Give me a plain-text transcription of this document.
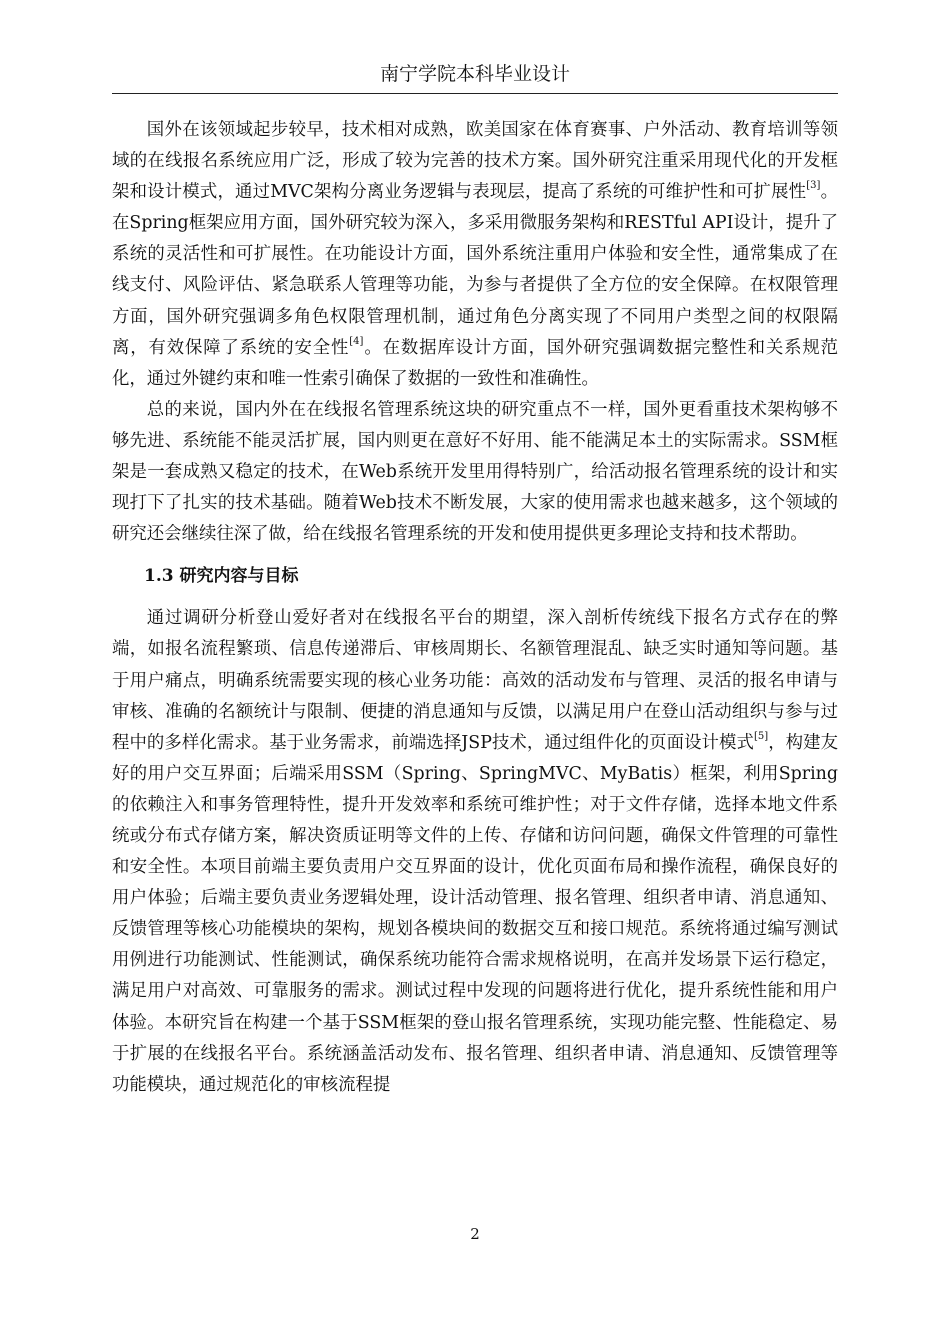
南宁学院本科毕业设计

国外在该领域起步较早，技术相对成熟，欧美国家在体育赛事、户外活动、教育培训等领域的在线报名系统应用广泛，形成了较为完善的技术方案。国外研究注重采用现代化的开发框架和设计模式，通过MVC架构分离业务逻辑与表现层，提高了系统的可维护性和可扩展性[3]。在Spring框架应用方面，国外研究较为深入，多采用微服务架构和RESTful API设计，提升了系统的灵活性和可扩展性。在功能设计方面，国外系统注重用户体验和安全性，通常集成了在线支付、风险评估、紧急联系人管理等功能，为参与者提供了全方位的安全保障。在权限管理方面，国外研究强调多角色权限管理机制，通过角色分离实现了不同用户类型之间的权限隔离，有效保障了系统的安全性[4]。在数据库设计方面，国外研究强调数据完整性和关系规范化，通过外键约束和唯一性索引确保了数据的一致性和准确性。

总的来说，国内外在在线报名管理系统这块的研究重点不一样，国外更看重技术架构够不够先进、系统能不能灵活扩展，国内则更在意好不好用、能不能满足本土的实际需求。SSM框架是一套成熟又稳定的技术，在Web系统开发里用得特别广，给活动报名管理系统的设计和实现打下了扎实的技术基础。随着Web技术不断发展，大家的使用需求也越来越多，这个领域的研究还会继续往深了做，给在线报名管理系统的开发和使用提供更多理论支持和技术帮助。

1.3 研究内容与目标

通过调研分析登山爱好者对在线报名平台的期望，深入剖析传统线下报名方式存在的弊端，如报名流程繁琐、信息传递滞后、审核周期长、名额管理混乱、缺乏实时通知等问题。基于用户痛点，明确系统需要实现的核心业务功能：高效的活动发布与管理、灵活的报名申请与审核、准确的名额统计与限制、便捷的消息通知与反馈，以满足用户在登山活动组织与参与过程中的多样化需求。基于业务需求，前端选择JSP技术，通过组件化的页面设计模式[5]，构建友好的用户交互界面；后端采用SSM（Spring、SpringMVC、MyBatis）框架，利用Spring的依赖注入和事务管理特性，提升开发效率和系统可维护性；对于文件存储，选择本地文件系统或分布式存储方案，解决资质证明等文件的上传、存储和访问问题，确保文件管理的可靠性和安全性。本项目前端主要负责用户交互界面的设计，优化页面布局和操作流程，确保良好的用户体验；后端主要负责业务逻辑处理，设计活动管理、报名管理、组织者申请、消息通知、反馈管理等核心功能模块的架构，规划各模块间的数据交互和接口规范。系统将通过编写测试用例进行功能测试、性能测试，确保系统功能符合需求规格说明，在高并发场景下运行稳定，满足用户对高效、可靠服务的需求。测试过程中发现的问题将进行优化，提升系统性能和用户体验。本研究旨在构建一个基于SSM框架的登山报名管理系统，实现功能完整、性能稳定、易于扩展的在线报名平台。系统涵盖活动发布、报名管理、组织者申请、消息通知、反馈管理等功能模块，通过规范化的审核流程提

2
